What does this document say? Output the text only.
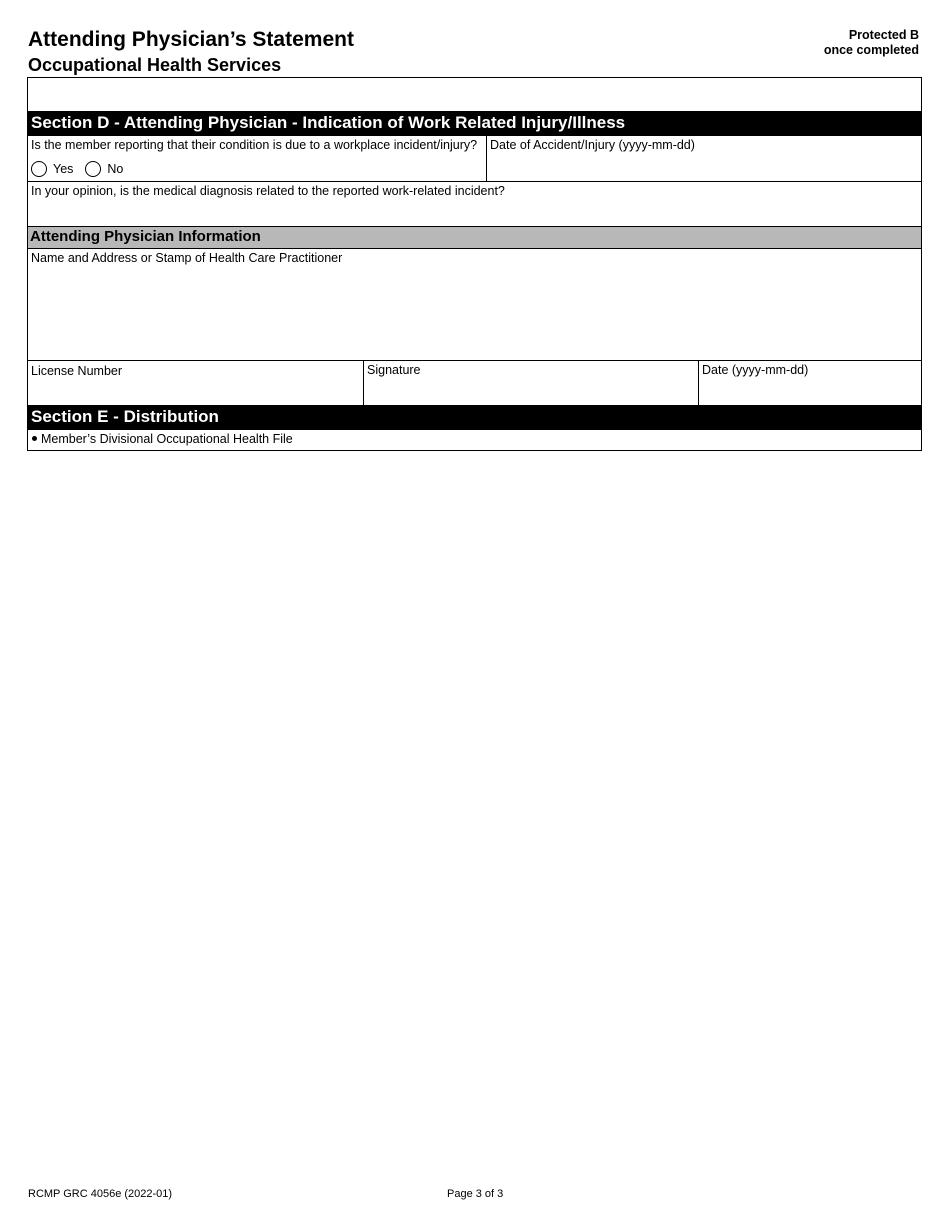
Attending Physician’s Statement
Occupational Health Services
Protected B
once completed
Section D - Attending Physician - Indication of Work Related Injury/Illness
Is the member reporting that their condition is due to a workplace incident/injury?
Yes	No
Date of Accident/Injury (yyyy-mm-dd)
In your opinion, is the medical diagnosis related to the reported work-related incident?
Attending Physician Information
Name and Address or Stamp of Health Care Practitioner
License Number	Signature	Date (yyyy-mm-dd)
Section E - Distribution
Member’s Divisional Occupational Health File
RCMP GRC 4056e (2022-01)	Page 3 of 3
